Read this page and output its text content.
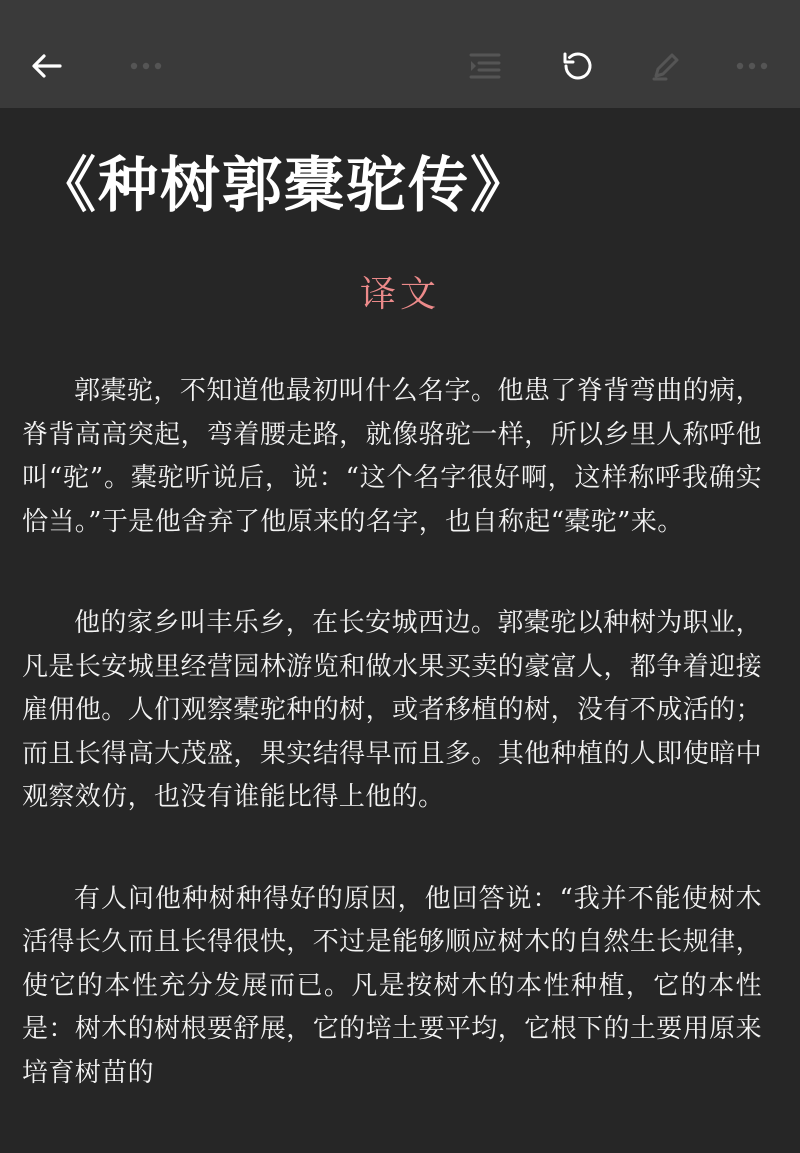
《种树郭橐驼传》
译文

郭橐驼，不知道他最初叫什么名字。他患了脊背弯曲的病，脊背高高突起，弯着腰走路，就像骆驼一样，所以乡里人称呼他叫“驼”。橐驼听说后，说：“这个名字很好啊，这样称呼我确实恰当。”于是他舍弃了他原来的名字，也自称起“橐驼”来。

他的家乡叫丰乐乡，在长安城西边。郭橐驼以种树为职业，凡是长安城里经营园林游览和做水果买卖的豪富人，都争着迎接雇佣他。人们观察橐驼种的树，或者移植的树，没有不成活的；而且长得高大茂盛，果实结得早而且多。其他种植的人即使暗中观察效仿，也没有谁能比得上他的。

有人问他种树种得好的原因，他回答说：“我并不能使树木活得长久而且长得很快，不过是能够顺应树木的自然生长规律，使它的本性充分发展而已。凡是按树木的本性种植，它的本性是：树木的树根要舒展，它的培土要平均，它根下的土要用原来培育树苗的
